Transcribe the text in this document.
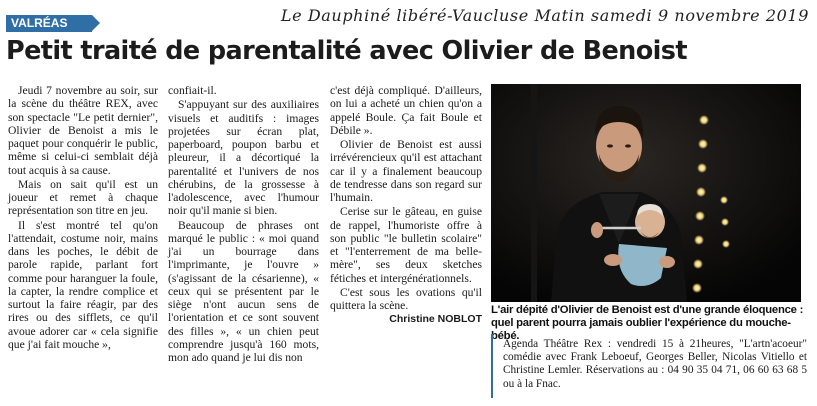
VALRÉAS	Le Dauphiné libéré-Vaucluse Matin samedi 9 novembre 2019
Petit traité de parentalité avec Olivier de Benoist

Jeudi 7 novembre au soir, sur la scène du théâtre REX, avec son spectacle "Le petit dernier", Olivier de Benoist a mis le paquet pour conquérir le public, même si celui-ci semblait déjà tout acquis à sa cause.

Mais on sait qu'il est un joueur et remet à chaque représentation son titre en jeu.

Il s'est montré tel qu'on l'attendait, costume noir, mains dans les poches, le débit de parole rapide, parlant fort comme pour haranguer la foule, la capter, la rendre complice et surtout la faire réagir, par des rires ou des sifflets, ce qu'il avoue adorer car « cela signifie que j'ai fait mouche »,

confiait-il.

S'appuyant sur des auxiliaires visuels et auditifs : images projetées sur écran plat, paperboard, poupon barbu et pleureur, il a décortiqué la parentalité et l'univers de nos chérubins, de la grossesse à l'adolescence, avec l'humour noir qu'il manie si bien.

Beaucoup de phrases ont marqué le public : « moi quand j'ai un bourrage dans l'imprimante, je l'ouvre » (s'agissant de la césarienne), « ceux qui se présentent par le siège n'ont aucun sens de l'orientation et ce sont souvent des filles », « un chien peut comprendre jusqu'à 160 mots, mon ado quand je lui dis non

c'est déjà compliqué. D'ailleurs, on lui a acheté un chien qu'on a appelé Boule. Ça fait Boule et Débile ».

Olivier de Benoist est aussi irrévérencieux qu'il est attachant car il y a finalement beaucoup de tendresse dans son regard sur l'humain.

Cerise sur le gâteau, en guise de rappel, l'humoriste offre à son public "le bulletin scolaire" et "l'enterrement de ma belle-mère", ses deux sketches fétiches et intergénérationnels.

C'est sous les ovations qu'il quittera la scène.

Christine NOBLOT
L'air dépité d'Olivier de Benoist est d'une grande éloquence : quel parent pourra jamais oublier l'expérience du mouche-bébé.

Agenda Théâtre Rex : vendredi 15 à 21heures, "L'artn'acoeur" comédie avec Frank Leboeuf, Georges Beller, Nicolas Vitiello et Christine Lemler. Réservations au : 04 90 35 04 71, 06 60 63 68 5 ou à la Fnac.
